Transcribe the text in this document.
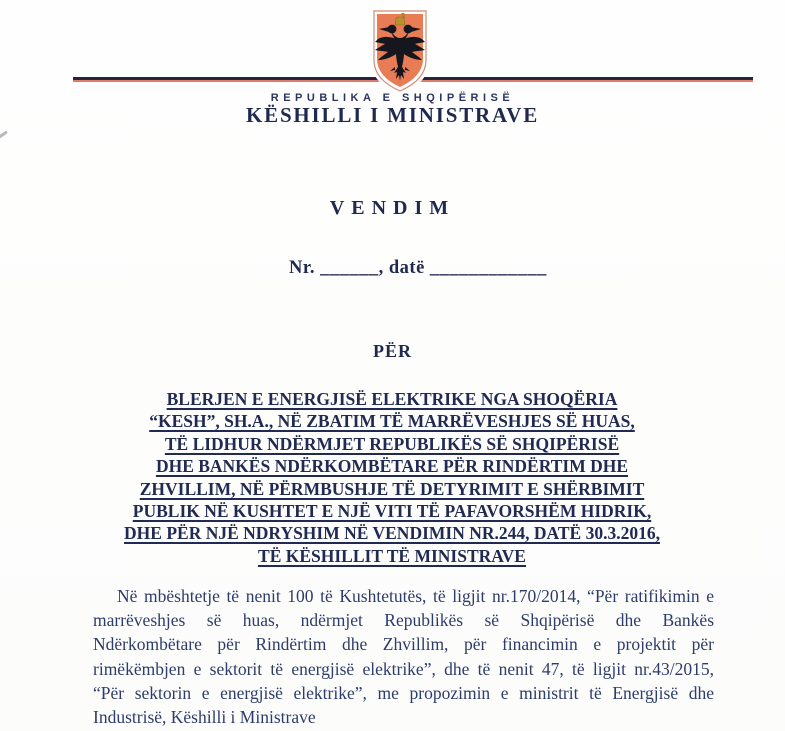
REPUBLIKA E SHQIPËRISË
KËSHILLI I MINISTRAVE
VENDIM
Nr. ______, datë ____________
PËR
BLERJEN E ENERGJISË ELEKTRIKE NGA SHOQËRIA
“KESH”, SH.A., NË ZBATIM TË MARRËVESHJES SË HUAS,
TË LIDHUR NDËRMJET REPUBLIKËS SË SHQIPËRISË
DHE BANKËS NDËRKOMBËTARE PËR RINDËRTIM DHE
ZHVILLIM, NË PËRMBUSHJE TË DETYRIMIT E SHËRBIMIT
PUBLIK NË KUSHTET E NJË VITI TË PAFAVORSHËM HIDRIK,
DHE PËR NJË NDRYSHIM NË VENDIMIN NR.244, DATË 30.3.2016,
TË KËSHILLIT TË MINISTRAVE
Në mbështetje të nenit 100 të Kushtetutës, të ligjit nr.170/2014, “Për ratifikimin e
marrëveshjes së huas, ndërmjet Republikës së Shqipërisë dhe Bankës
Ndërkombëtare për Rindërtim dhe Zhvillim, për financimin e projektit për
rimëkëmbjen e sektorit të energjisë elektrike”, dhe të nenit 47, të ligjit nr.43/2015,
“Për sektorin e energjisë elektrike”, me propozimin e ministrit të Energjisë dhe
Industrisë, Këshilli i Ministrave
